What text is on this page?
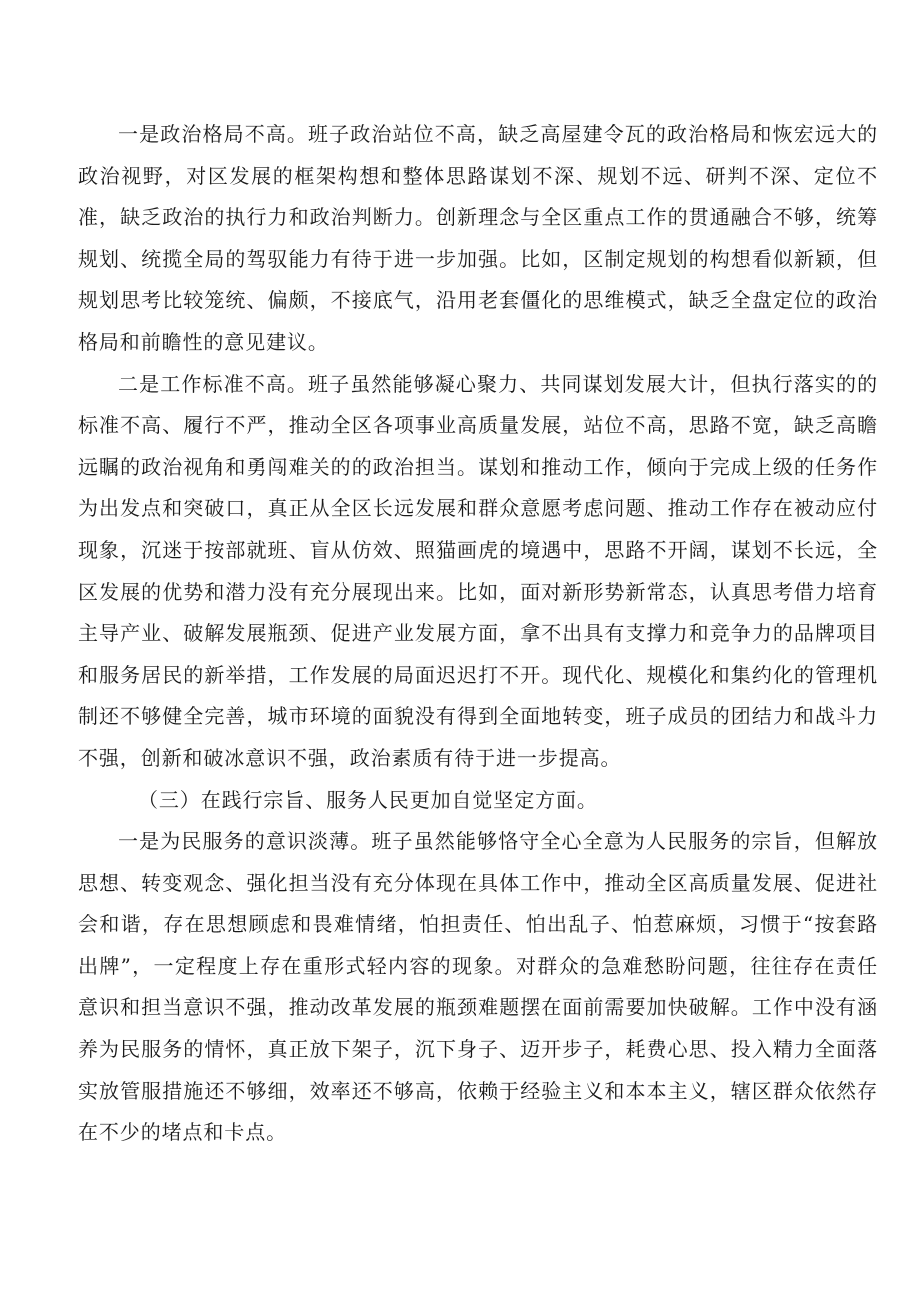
一是政治格局不高。班子政治站位不高，缺乏高屋建令瓦的政治格局和恢宏远大的政治视野，对区发展的框架构想和整体思路谋划不深、规划不远、研判不深、定位不准，缺乏政治的执行力和政治判断力。创新理念与全区重点工作的贯通融合不够，统筹规划、统揽全局的驾驭能力有待于进一步加强。比如，区制定规划的构想看似新颖，但规划思考比较笼统、偏颇，不接底气，沿用老套僵化的思维模式，缺乏全盘定位的政治格局和前瞻性的意见建议。

二是工作标准不高。班子虽然能够凝心聚力、共同谋划发展大计，但执行落实的的标准不高、履行不严，推动全区各项事业高质量发展，站位不高，思路不宽，缺乏高瞻远瞩的政治视角和勇闯难关的的政治担当。谋划和推动工作，倾向于完成上级的任务作为出发点和突破口，真正从全区长远发展和群众意愿考虑问题、推动工作存在被动应付现象，沉迷于按部就班、盲从仿效、照猫画虎的境遇中，思路不开阔，谋划不长远，全区发展的优势和潜力没有充分展现出来。比如，面对新形势新常态，认真思考借力培育主导产业、破解发展瓶颈、促进产业发展方面，拿不出具有支撑力和竞争力的品牌项目和服务居民的新举措，工作发展的局面迟迟打不开。现代化、规模化和集约化的管理机制还不够健全完善，城市环境的面貌没有得到全面地转变，班子成员的团结力和战斗力不强，创新和破冰意识不强，政治素质有待于进一步提高。

（三）在践行宗旨、服务人民更加自觉坚定方面。

一是为民服务的意识淡薄。班子虽然能够恪守全心全意为人民服务的宗旨，但解放思想、转变观念、强化担当没有充分体现在具体工作中，推动全区高质量发展、促进社会和谐，存在思想顾虑和畏难情绪，怕担责任、怕出乱子、怕惹麻烦，习惯于“按套路出牌”，一定程度上存在重形式轻内容的现象。对群众的急难愁盼问题，往往存在责任意识和担当意识不强，推动改革发展的瓶颈难题摆在面前需要加快破解。工作中没有涵养为民服务的情怀，真正放下架子，沉下身子、迈开步子，耗费心思、投入精力全面落实放管服措施还不够细，效率还不够高，依赖于经验主义和本本主义，辖区群众依然存在不少的堵点和卡点。
